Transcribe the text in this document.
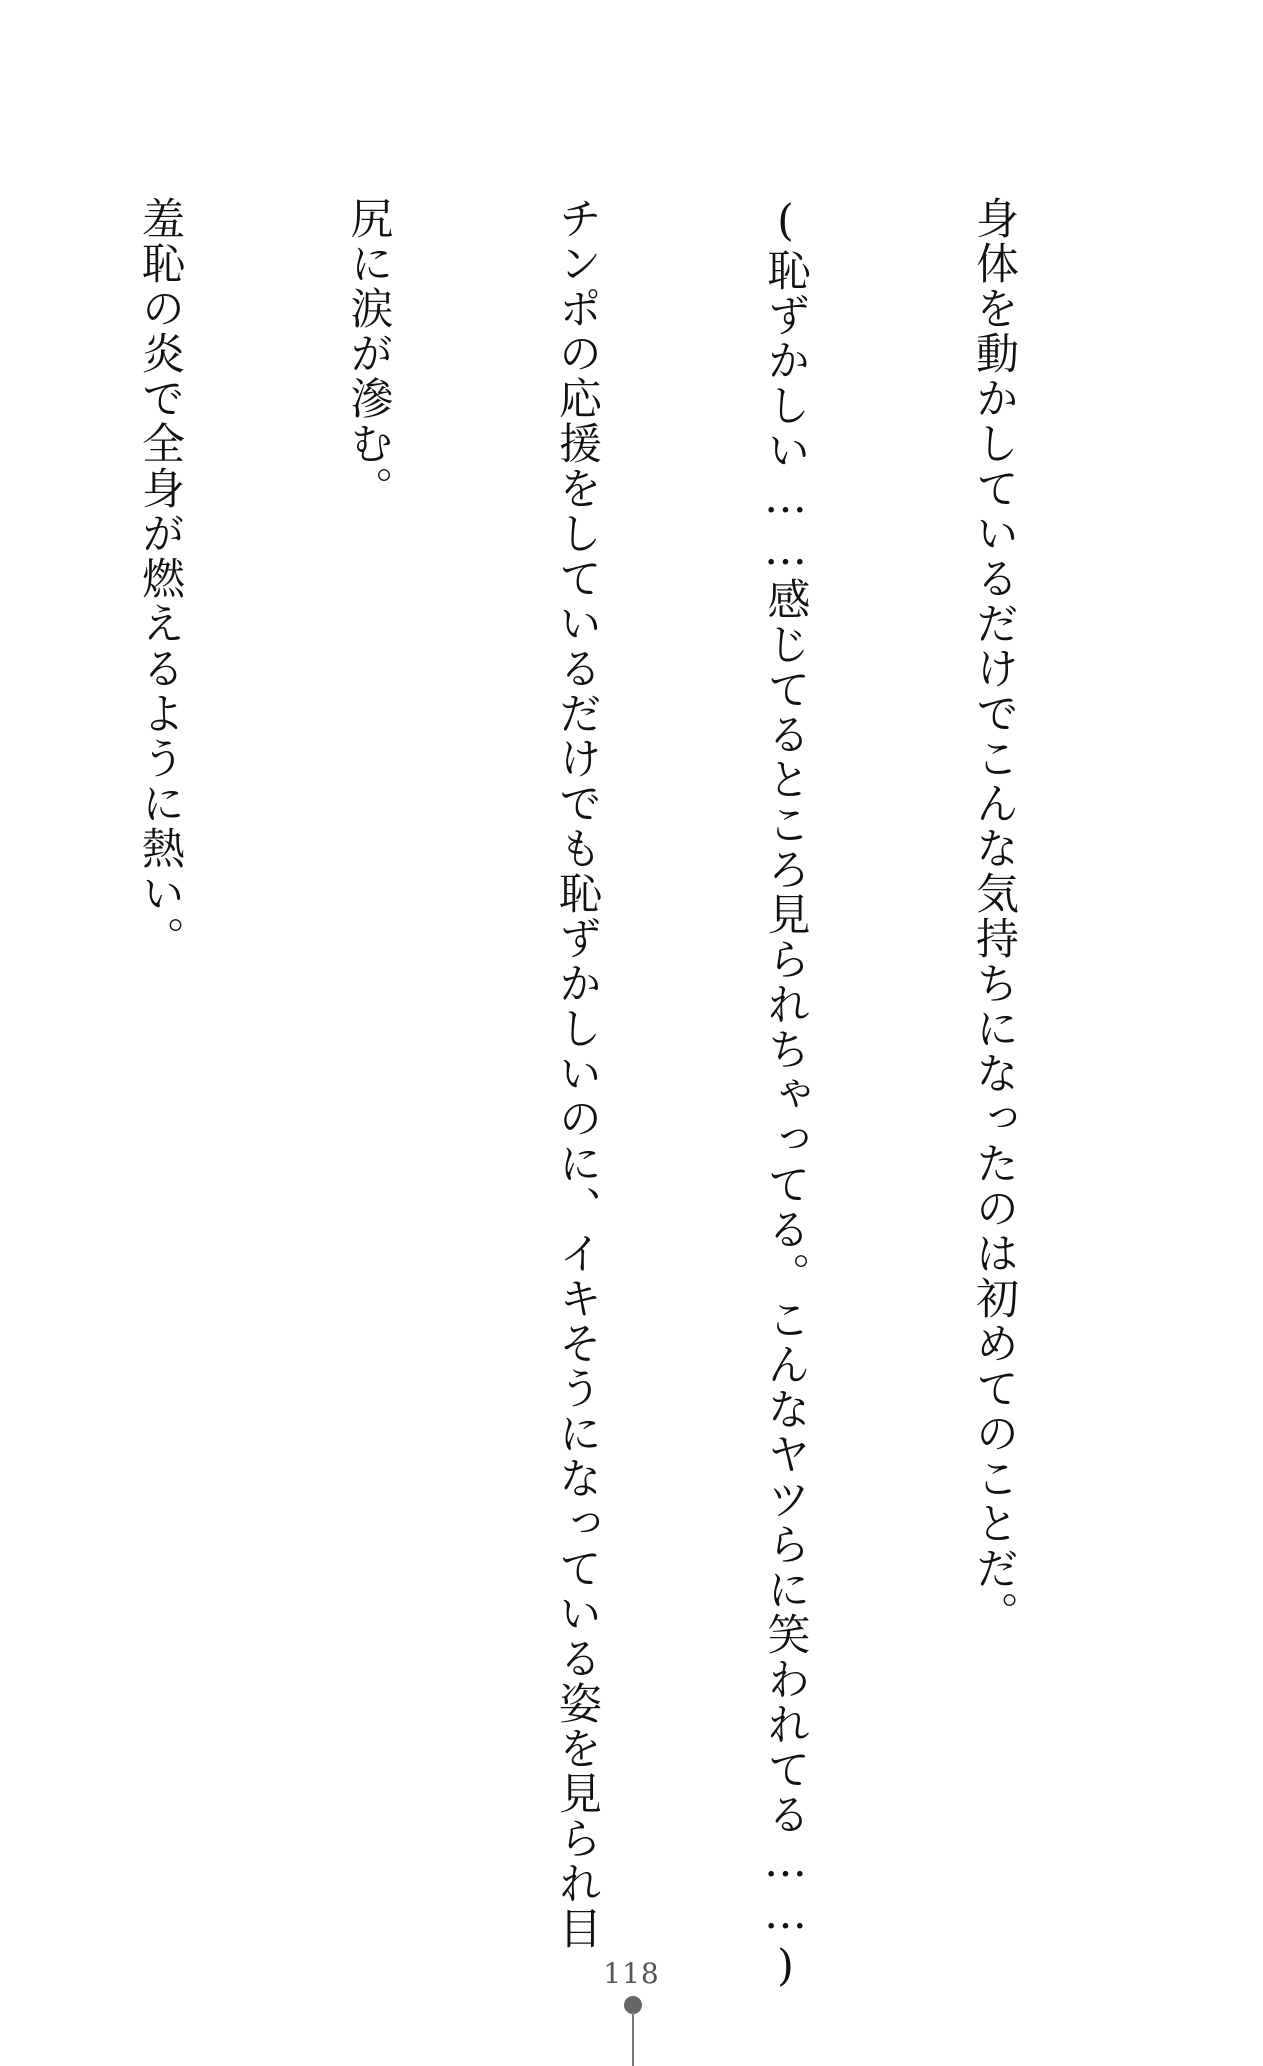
身体を動かしているだけでこんな気持ちになったのは初めてのことだ。

(恥ずかしい……感じてるところ見られちゃってる。こんなヤツらに笑われてる……)

チンポの応援をしているだけでも恥ずかしいのに、イキそうになっている姿を見られ目

尻に涙が滲む。

羞恥の炎で全身が燃えるように熱い。

118
